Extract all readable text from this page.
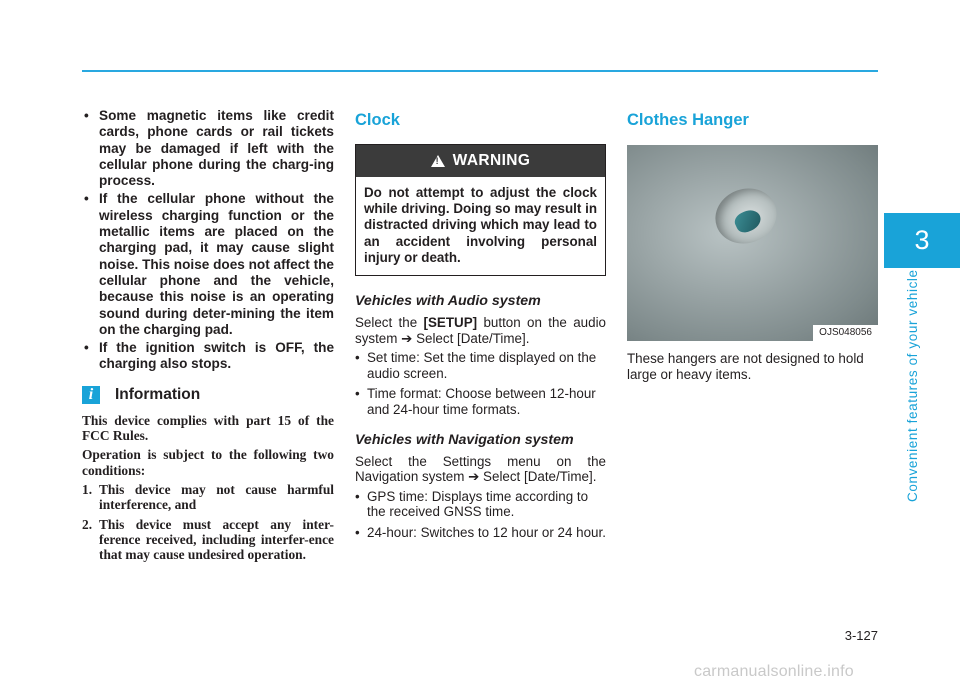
3
Convenient features of your vehicle
• Some magnetic items like credit cards, phone cards or rail tickets may be damaged if left with the cellular phone during the charg-ing process.
• If the cellular phone without the wireless charging function or the metallic items are placed on the charging pad, it may cause slight noise. This noise does not affect the cellular phone and the vehicle, because this noise is an operating sound during deter-mining the item on the charging pad.
• If the ignition switch is OFF, the charging also stops.
i	Information

This device complies with part 15 of the FCC Rules.

Operation is subject to the following two conditions:

1. This device may not cause harmful interference, and
2. This device must accept any inter-ference received, including interfer-ence that may cause undesired operation.
Clock
!
WARNING
Do not attempt to adjust the clock while driving. Doing so may result in distracted driving which may lead to an accident involving personal injury or death.
Vehicles with Audio system

Select the [SETUP] button on the audio system ➔ Select [Date/Time].

• Set time: Set the time displayed on the audio screen.
• Time format: Choose between 12-hour and 24-hour time formats.
Vehicles with Navigation system

Select the Settings menu on the Navigation system ➔ Select [Date/Time].

• GPS time: Displays time according to the received GNSS time.
• 24-hour: Switches to 12 hour or 24 hour.
Clothes Hanger
OJS048056
These hangers are not designed to hold large or heavy items.
3-127
carmanualsonline.info
